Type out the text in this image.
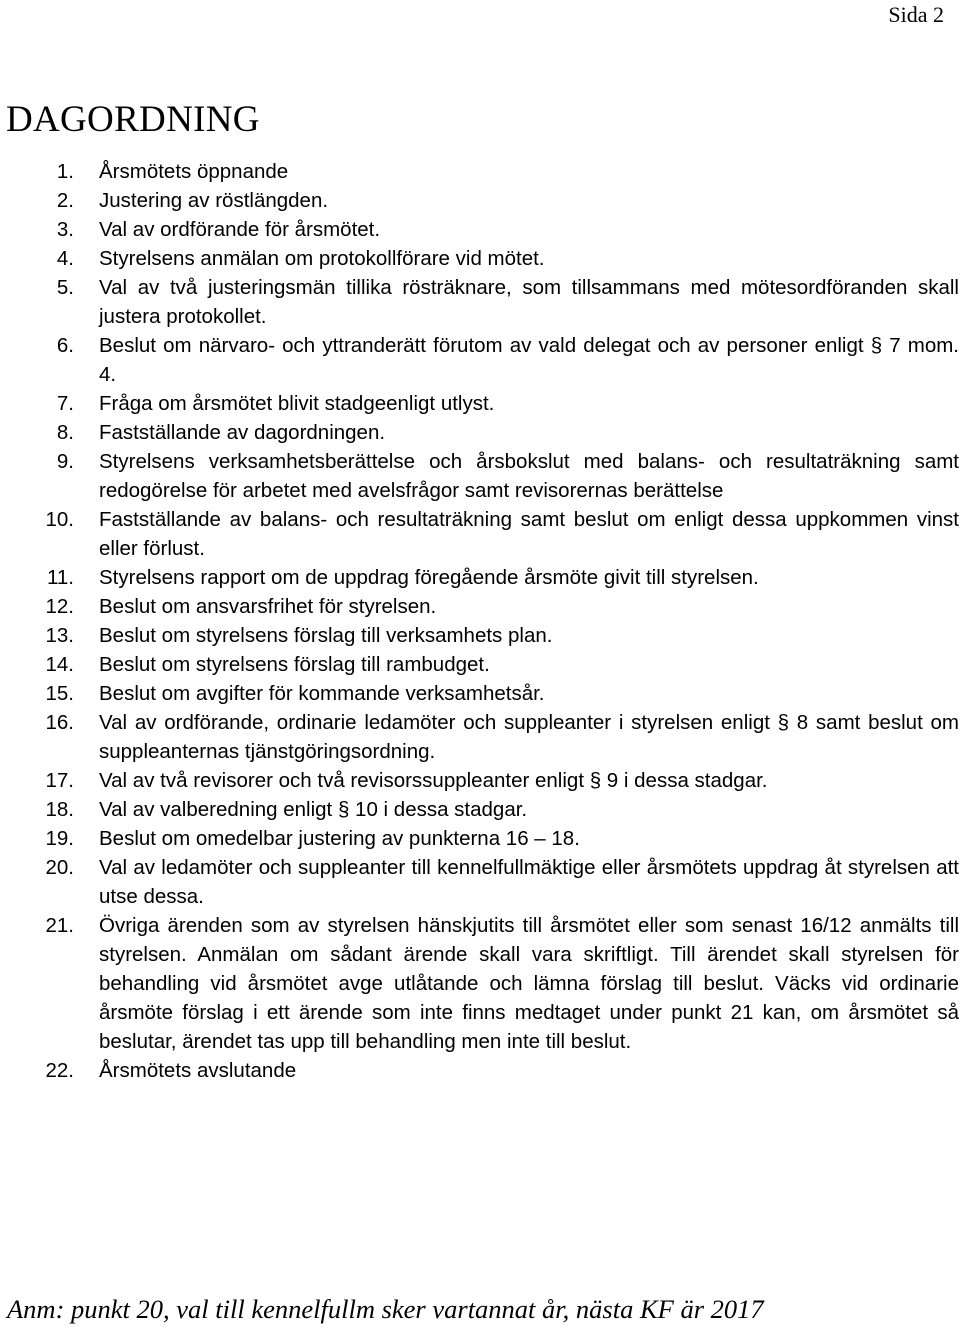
Sida 2
DAGORDNING
1.	Årsmötets öppnande
2.	Justering av röstlängden.
3.	Val av ordförande för årsmötet.
4.	Styrelsens anmälan om protokollförare vid mötet.
5.	Val av två justeringsmän tillika rösträknare, som tillsammans med mötesordföranden skall justera protokollet.
6.	Beslut om närvaro- och yttranderätt förutom av vald delegat och av personer enligt § 7 mom. 4.
7.	Fråga om årsmötet blivit stadgeenligt utlyst.
8.	Fastställande av dagordningen.
9.	Styrelsens verksamhetsberättelse och årsbokslut med balans- och resultaträkning samt redogörelse för arbetet med avelsfrågor samt revisorernas berättelse
10.	Fastställande av balans- och resultaträkning samt beslut om enligt dessa uppkommen vinst eller förlust.
11.	Styrelsens rapport om de uppdrag föregående årsmöte givit till styrelsen.
12.	Beslut om ansvarsfrihet för styrelsen.
13.	Beslut om styrelsens förslag till verksamhets plan.
14.	Beslut om styrelsens förslag till rambudget.
15.	Beslut om avgifter för kommande verksamhetsår.
16.	Val av ordförande, ordinarie ledamöter och suppleanter i styrelsen enligt § 8 samt beslut om suppleanternas tjänstgöringsordning.
17.	Val av två revisorer och två revisorssuppleanter enligt § 9 i dessa stadgar.
18.	Val av valberedning enligt § 10 i dessa stadgar.
19.	Beslut om omedelbar justering av punkterna 16 – 18.
20.	Val av ledamöter och suppleanter till kennelfullmäktige eller årsmötets uppdrag åt styrelsen att utse dessa.
21.	Övriga ärenden som av styrelsen hänskjutits till årsmötet eller som senast 16/12 anmälts till styrelsen. Anmälan om sådant ärende skall vara skriftligt. Till ärendet skall styrelsen för behandling vid årsmötet avge utlåtande och lämna förslag till beslut. Väcks vid ordinarie årsmöte förslag i ett ärende som inte finns medtaget under punkt 21 kan, om årsmötet så beslutar, ärendet tas upp till behandling men inte till beslut.
22.	Årsmötets avslutande
Anm: punkt 20, val till kennelfullm sker vartannat år, nästa KF är 2017
